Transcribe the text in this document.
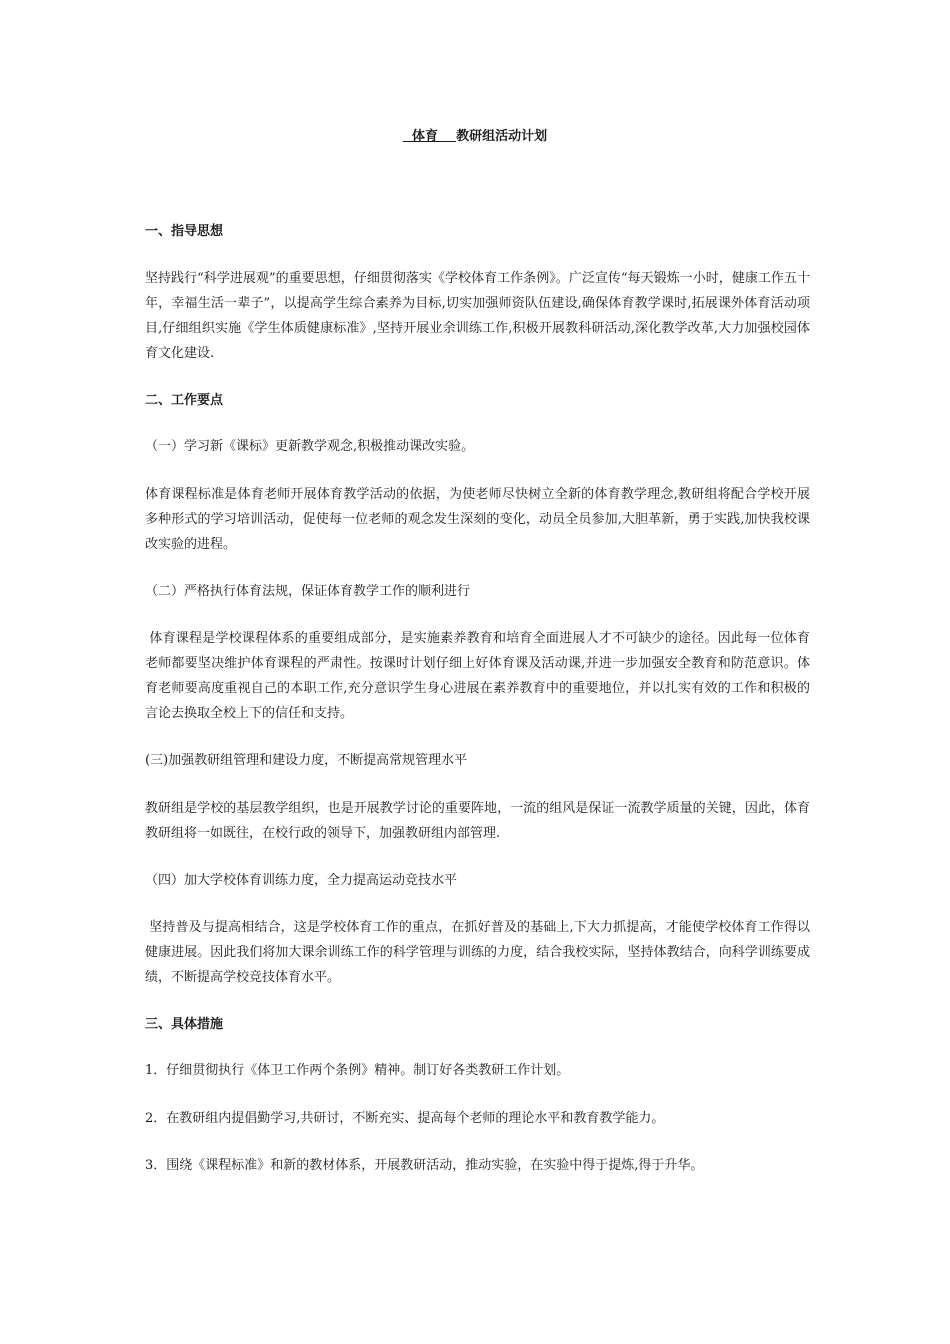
体育    教研组活动计划
一、指导思想
坚持践行“科学进展观”的重要思想，仔细贯彻落实《学校体育工作条例》。广泛宣传“每天锻炼一小时，健康工作五十年，幸福生活一辈子”，以提高学生综合素养为目标,切实加强师资队伍建设,确保体育教学课时,拓展课外体育活动项目,仔细组织实施《学生体质健康标准》,坚持开展业余训练工作,积极开展教科研活动,深化教学改革,大力加强校园体育文化建设.
二、工作要点
（一）学习新《课标》更新教学观念,积极推动课改实验。
体育课程标准是体育老师开展体育教学活动的依据，为使老师尽快树立全新的体育教学理念,教研组将配合学校开展多种形式的学习培训活动，促使每一位老师的观念发生深刻的变化，动员全员参加,大胆革新，勇于实践,加快我校课改实验的进程。
（二）严格执行体育法规，保证体育教学工作的顺利进行
体育课程是学校课程体系的重要组成部分，是实施素养教育和培育全面进展人才不可缺少的途径。因此每一位体育老师都要坚决维护体育课程的严肃性。按课时计划仔细上好体育课及活动课,并进一步加强安全教育和防范意识。体育老师要高度重视自己的本职工作,充分意识学生身心进展在素养教育中的重要地位，并以扎实有效的工作和积极的言论去换取全校上下的信任和支持。
(三)加强教研组管理和建设力度，不断提高常规管理水平
教研组是学校的基层教学组织，也是开展教学讨论的重要阵地，一流的组风是保证一流教学质量的关键，因此，体育教研组将一如既往，在校行政的领导下，加强教研组内部管理.
（四）加大学校体育训练力度，全力提高运动竞技水平
坚持普及与提高相结合，这是学校体育工作的重点，在抓好普及的基础上,下大力抓提高，才能使学校体育工作得以健康进展。因此我们将加大课余训练工作的科学管理与训练的力度，结合我校实际，坚持体教结合，向科学训练要成绩，不断提高学校竞技体育水平。
三、具体措施
1．仔细贯彻执行《体卫工作两个条例》精神。制订好各类教研工作计划。
2．在教研组内提倡勤学习,共研讨，不断充实、提高每个老师的理论水平和教育教学能力。
3．围绕《课程标准》和新的教材体系，开展教研活动，推动实验，在实验中得于提炼,得于升华。
